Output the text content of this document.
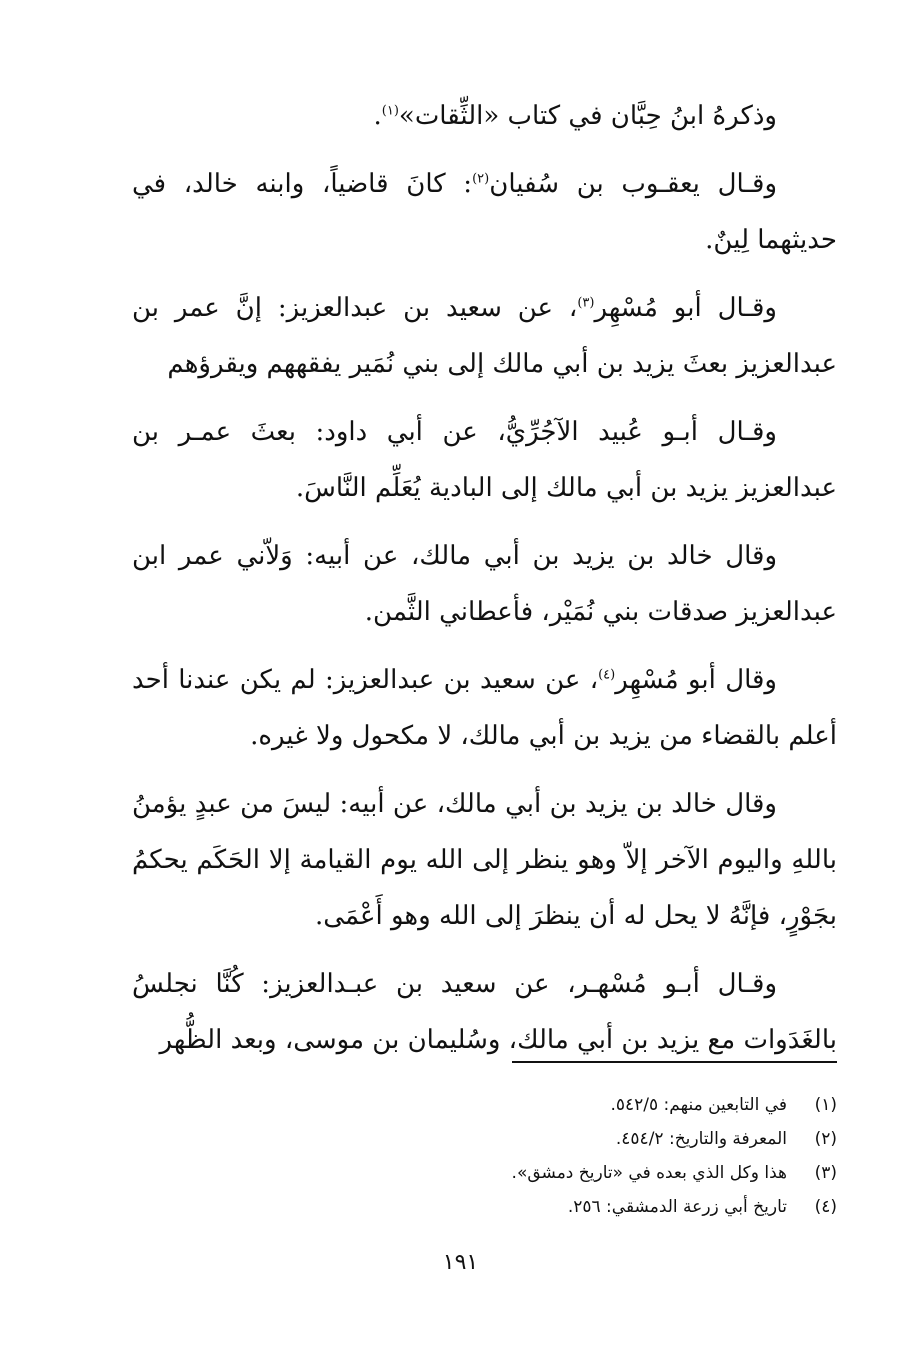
وذكرهُ ابنُ حِبَّان في كتاب «الثِّقات»$^{(١)}$.

وقـال يعقـوب بن سُفيان$^{(٢)}$: كانَ قاضياً، وابنه خالد، في حديثهما لِينٌ.

وقـال أبو مُسْهِر$^{(٣)}$، عن سعيد بن عبدالعزيز: إنَّ عمر بن عبدالعزيز بعثَ يزيد بن أبي مالك إلى بني نُمَير يفقههم ويقرؤهم

وقـال أبـو عُبيد الآجُرِّيُّ، عن أبي داود: بعثَ عمـر بن عبدالعزيز يزيد بن أبي مالك إلى البادية يُعَلِّم النَّاسَ.

وقال خالد بن يزيد بن أبي مالك، عن أبيه: وَلاّني عمر ابن عبدالعزيز صدقات بني نُمَيْر، فأعطاني الثَّمن.

وقال أبو مُسْهِر$^{(٤)}$، عن سعيد بن عبدالعزيز: لم يكن عندنا أحد أعلم بالقضاء من يزيد بن أبي مالك، لا مكحول ولا غيره.

وقال خالد بن يزيد بن أبي مالك، عن أبيه: ليسَ من عبدٍ يؤمنُ باللهِ واليوم الآخر إلاّ وهو ينظر إلى الله يوم القيامة إلا الحَكَم يحكمُ بجَوْرٍ، فإنَّهُ لا يحل له أن ينظرَ إلى الله وهو أَعْمَى.

وقـال أبـو مُسْهـر، عن سعيد بن عبـدالعزيز: كُنَّا نجلسُ بالغَدَوات مع يزيد بن أبي مالك، وسُليمان بن موسى، وبعد الظُّهر

(١)في التابعين منهم: ٥٤٢/٥.
(٢)المعرفة والتاريخ: ٤٥٤/٢.
(٣)هذا وكل الذي بعده في «تاريخ دمشق».
(٤)تاريخ أبي زرعة الدمشقي: ٢٥٦.
١٩١
